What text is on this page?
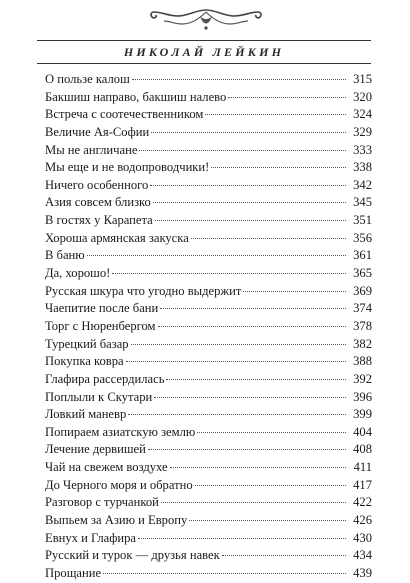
НИКОЛАЙ ЛЕЙКИН
О пользе калош	315
Бакшиш направо, бакшиш налево	320
Встреча с соотечественником	324
Величие Ая-Софии	329
Мы не англичане	333
Мы еще и не водопроводчики!	338
Ничего особенного	342
Азия совсем близко	345
В гостях у Карапета	351
Хороша армянская закуска	356
В баню	361
Да, хорошо!	365
Русская шкура что угодно выдержит	369
Чаепитие после бани	374
Торг с Нюренбергом	378
Турецкий базар	382
Покупка ковра	388
Глафира рассердилась	392
Поплыли к Скутари	396
Ловкий маневр	399
Попираем азиатскую землю	404
Лечение дервишей	408
Чай на свежем воздухе	411
До Черного моря и обратно	417
Разговор с турчанкой	422
Выпьем за Азию и Европу	426
Евнух и Глафира	430
Русский и турок — друзья навек	434
Прощание	439
